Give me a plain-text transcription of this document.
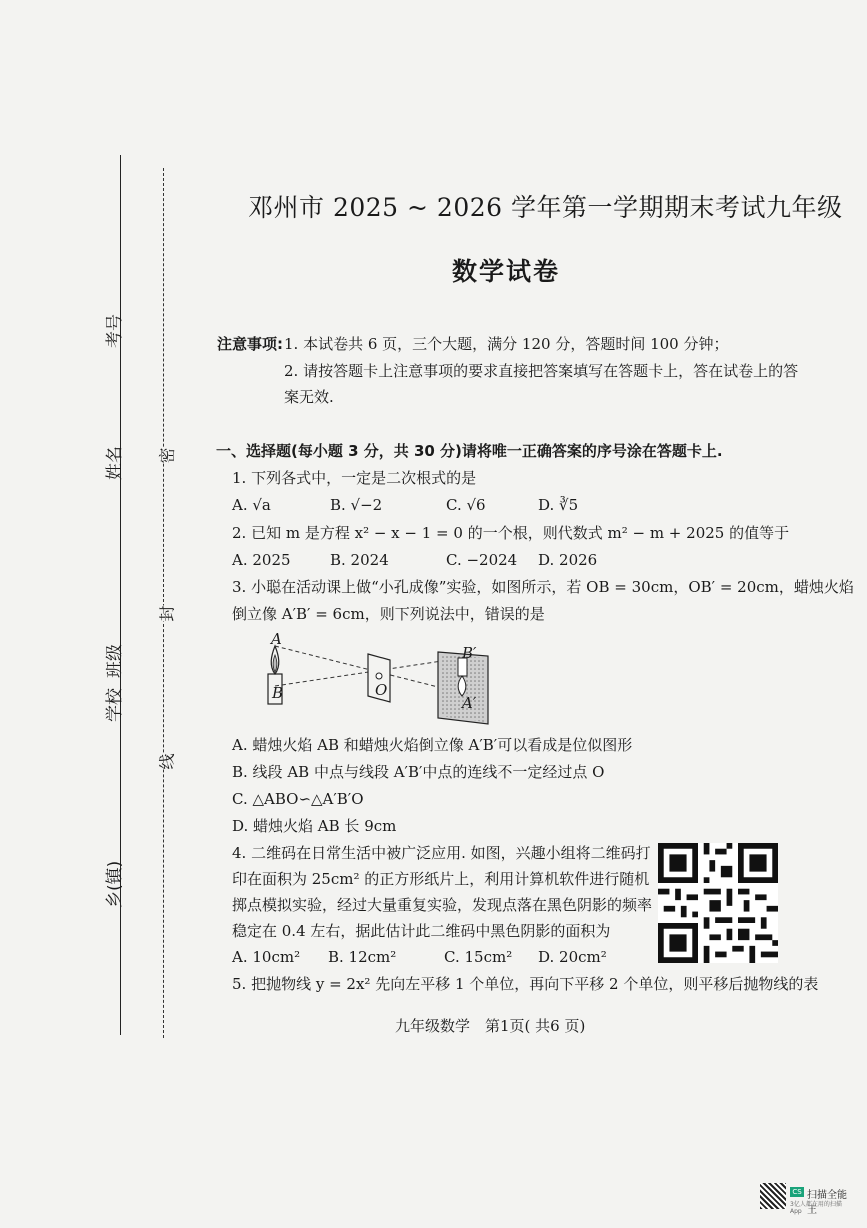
考号
姓名
班级
学校
乡(镇)
密
封
线
邓州市 2025 ~ 2026 学年第一学期期末考试九年级
数学试卷
注意事项: 1. 本试卷共 6 页，三个大题，满分 120 分，答题时间 100 分钟；
2. 请按答题卡上注意事项的要求直接把答案填写在答题卡上，答在试卷上的答
案无效.
一、选择题(每小题 3 分，共 30 分)请将唯一正确答案的序号涂在答题卡上.
1. 下列各式中，一定是二次根式的是
A. √a	B. √−2	C. √6	D. ∛5
2. 已知 m 是方程 x² − x − 1 = 0 的一个根，则代数式 m² − m + 2025 的值等于
A. 2025	B. 2024	C. −2024 D. 2026
3. 小聪在活动课上做“小孔成像”实验，如图所示，若 OB = 30cm，OB′ = 20cm，蜡烛火焰
倒立像 A′B′ = 6cm，则下列说法中，错误的是
A
B	O
B′
A′
A. 蜡烛火焰 AB 和蜡烛火焰倒立像 A′B′可以看成是位似图形
B. 线段 AB 中点与线段 A′B′中点的连线不一定经过点 O
C. △ABO∽△A′B′O
D. 蜡烛火焰 AB 长 9cm
4. 二维码在日常生活中被广泛应用. 如图，兴趣小组将二维码打
印在面积为 25cm² 的正方形纸片上，利用计算机软件进行随机
掷点模拟实验，经过大量重复实验，发现点落在黑色阴影的频率
稳定在 0.4 左右，据此估计此二维码中黑色阴影的面积为
A. 10cm² B. 12cm²	C. 15cm² D. 20cm²
5. 把抛物线 y = 2x² 先向左平移 1 个单位，再向下平移 2 个单位，则平移后抛物线的表
九年级数学　第1页( 共6 页)
CS 扫描全能王
3亿人都在用的扫描App
